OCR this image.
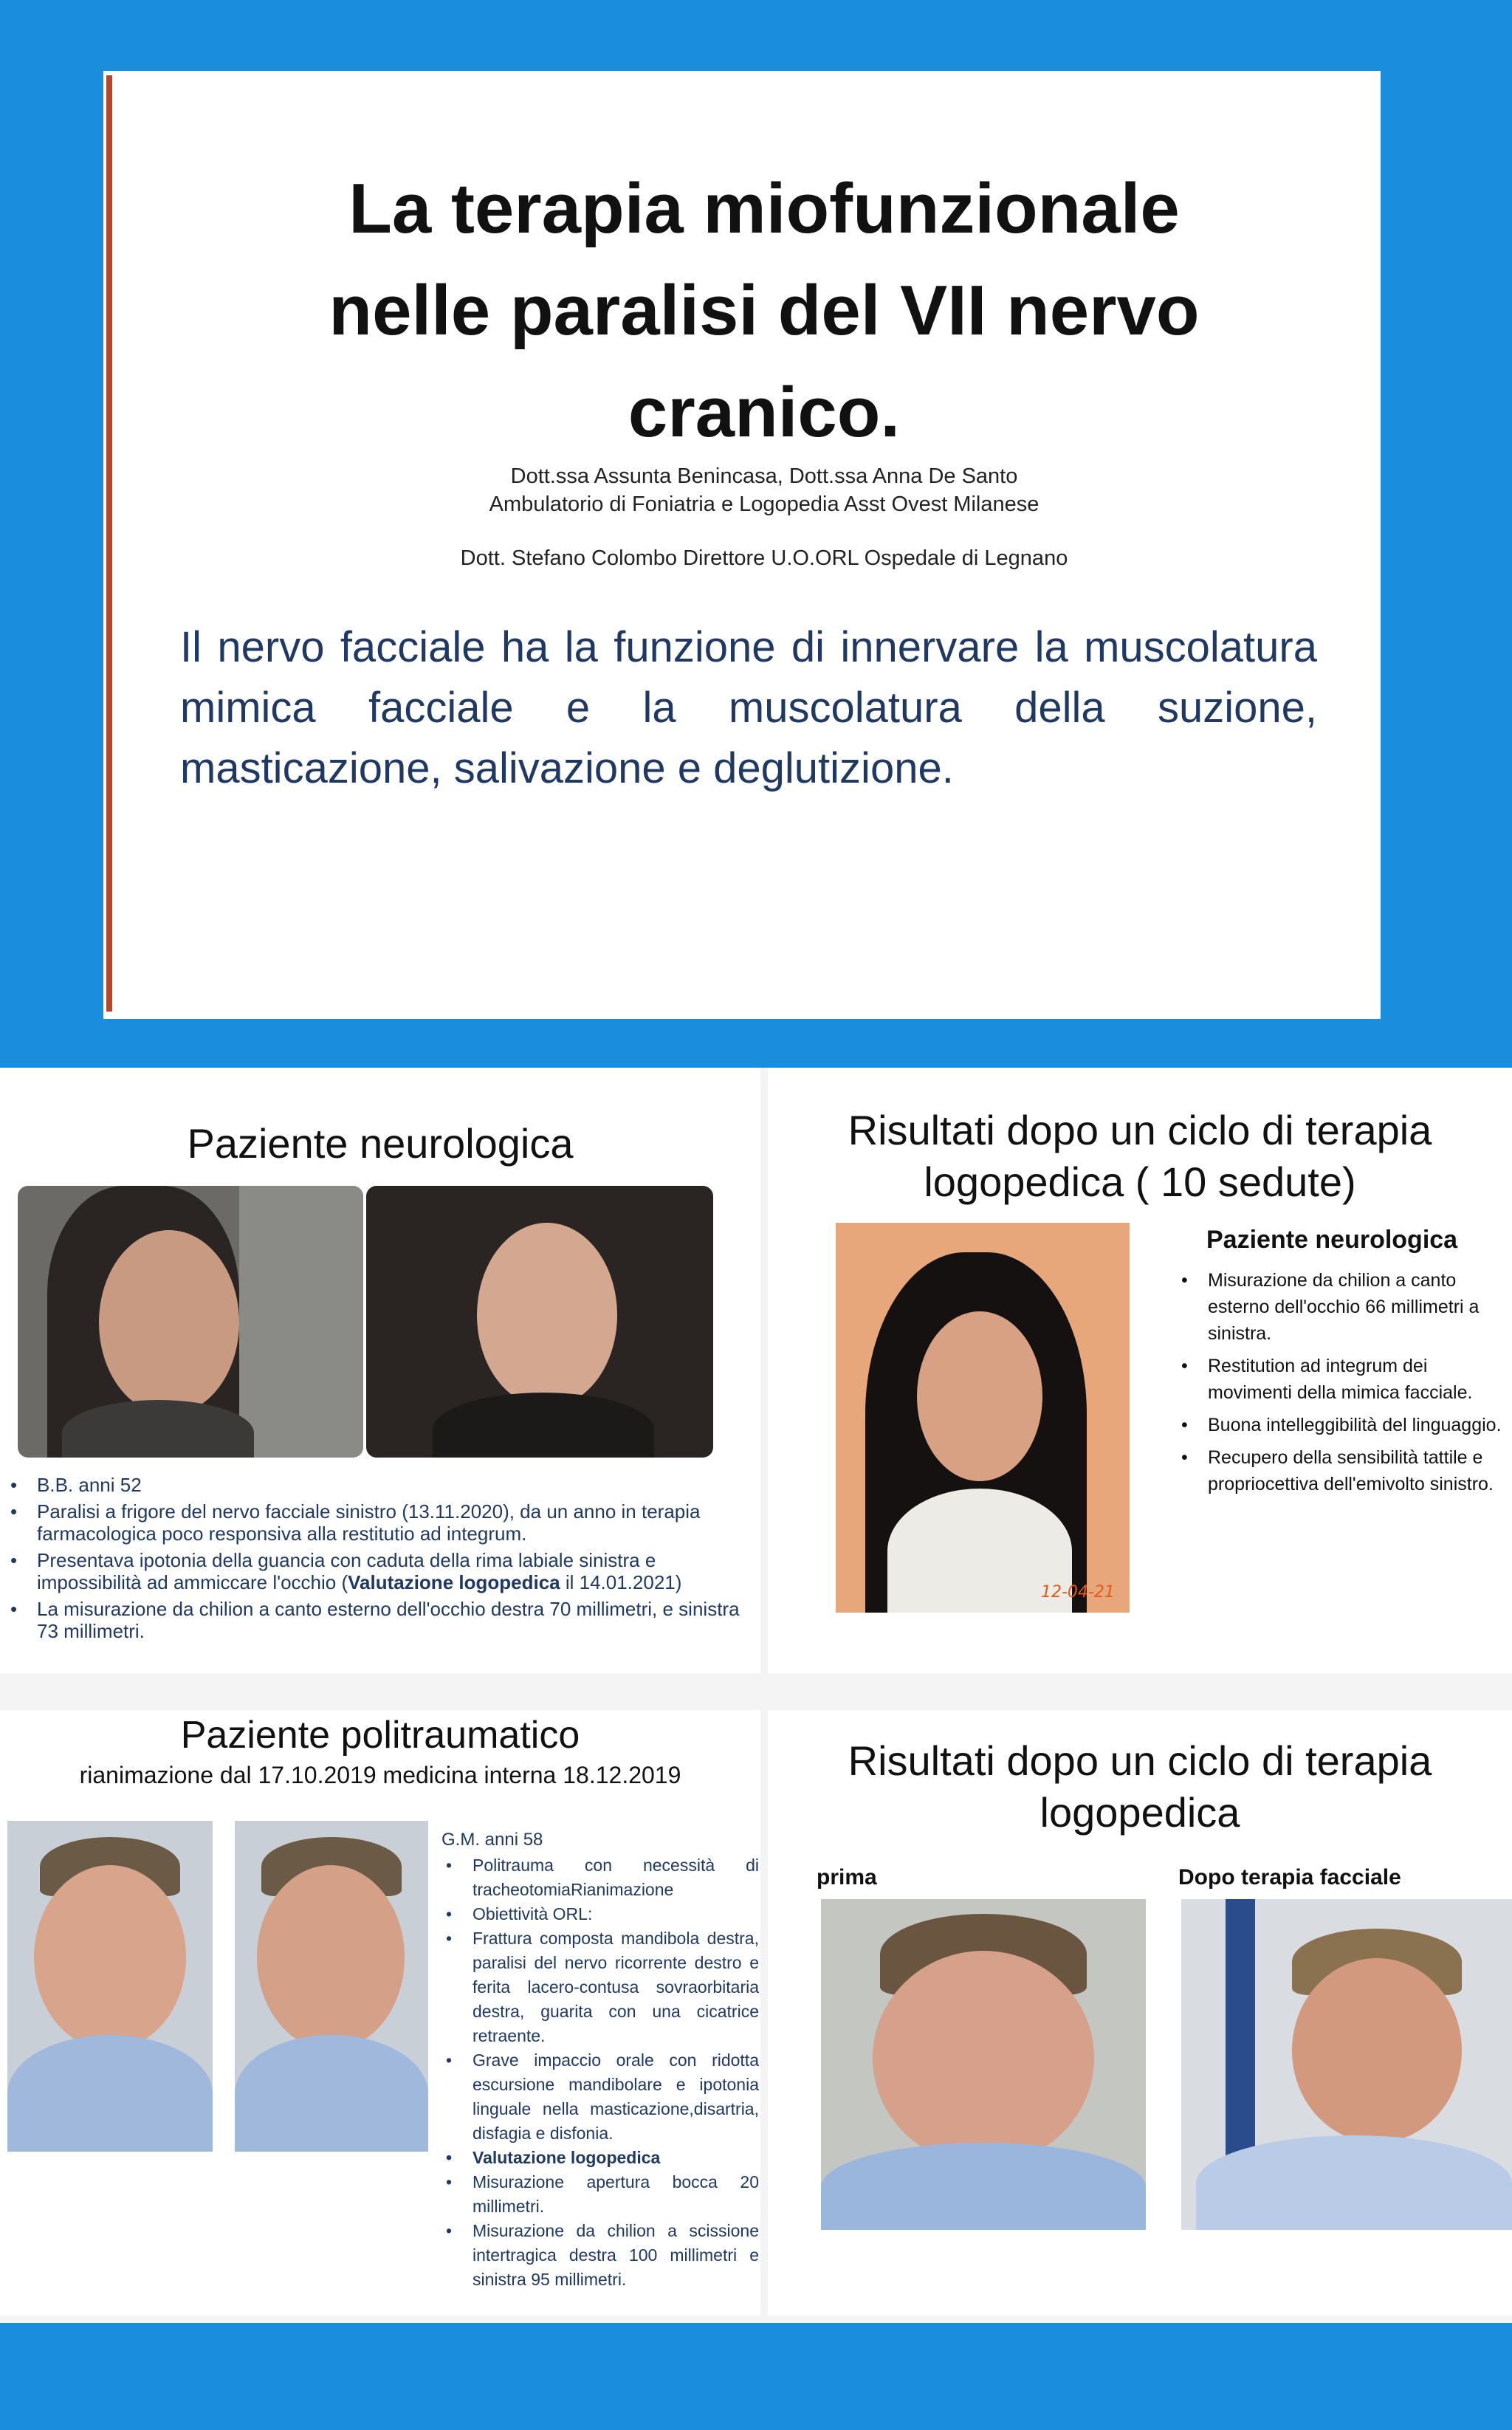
La terapia miofunzionale
nelle paralisi del VII nervo
cranico.
Dott.ssa Assunta Benincasa, Dott.ssa Anna De Santo
Ambulatorio di Foniatria e Logopedia Asst Ovest Milanese
Dott. Stefano Colombo Direttore U.O.ORL Ospedale di Legnano

Il nervo facciale ha la funzione di innervare la muscolatura mimica facciale e la muscolatura della suzione, masticazione, salivazione e deglutizione.

Paziente neurologica
• B.B. anni 52
• Paralisi a frigore del nervo facciale sinistro (13.11.2020), da un anno in terapia farmacologica poco responsiva alla restitutio ad integrum.
• Presentava ipotonia della guancia con caduta della rima labiale sinistra e impossibilità ad ammiccare l'occhio (Valutazione logopedica il 14.01.2021)
• La misurazione da chilion a canto esterno dell'occhio destra 70 millimetri, e sinistra 73 millimetri.
Risultati dopo un ciclo di terapia
logopedica ( 10 sedute)
12-04-21
Paziente neurologica
• Misurazione da chilion a canto esterno dell'occhio 66 millimetri a sinistra.
• Restitution ad integrum dei movimenti della mimica facciale.
• Buona intelleggibilità del linguaggio.
• Recupero della sensibilità tattile e propriocettiva dell'emivolto sinistro.
Paziente politraumatico
rianimazione dal 17.10.2019 medicina interna 18.12.2019
G.M. anni 58
• Politrauma con necessità di tracheotomiaRianimazione
• Obiettività ORL:
• Frattura composta mandibola destra, paralisi del nervo ricorrente destro e ferita lacero-contusa sovraorbitaria destra, guarita con una cicatrice retraente.
• Grave impaccio orale con ridotta escursione mandibolare e ipotonia linguale nella masticazione,disartria, disfagia e disfonia.
• Valutazione logopedica
• Misurazione apertura bocca 20 millimetri.
• Misurazione da chilion a scissione intertragica destra 100 millimetri e sinistra 95 millimetri.
Risultati dopo un ciclo di terapia
logopedica
prima	Dopo terapia facciale
